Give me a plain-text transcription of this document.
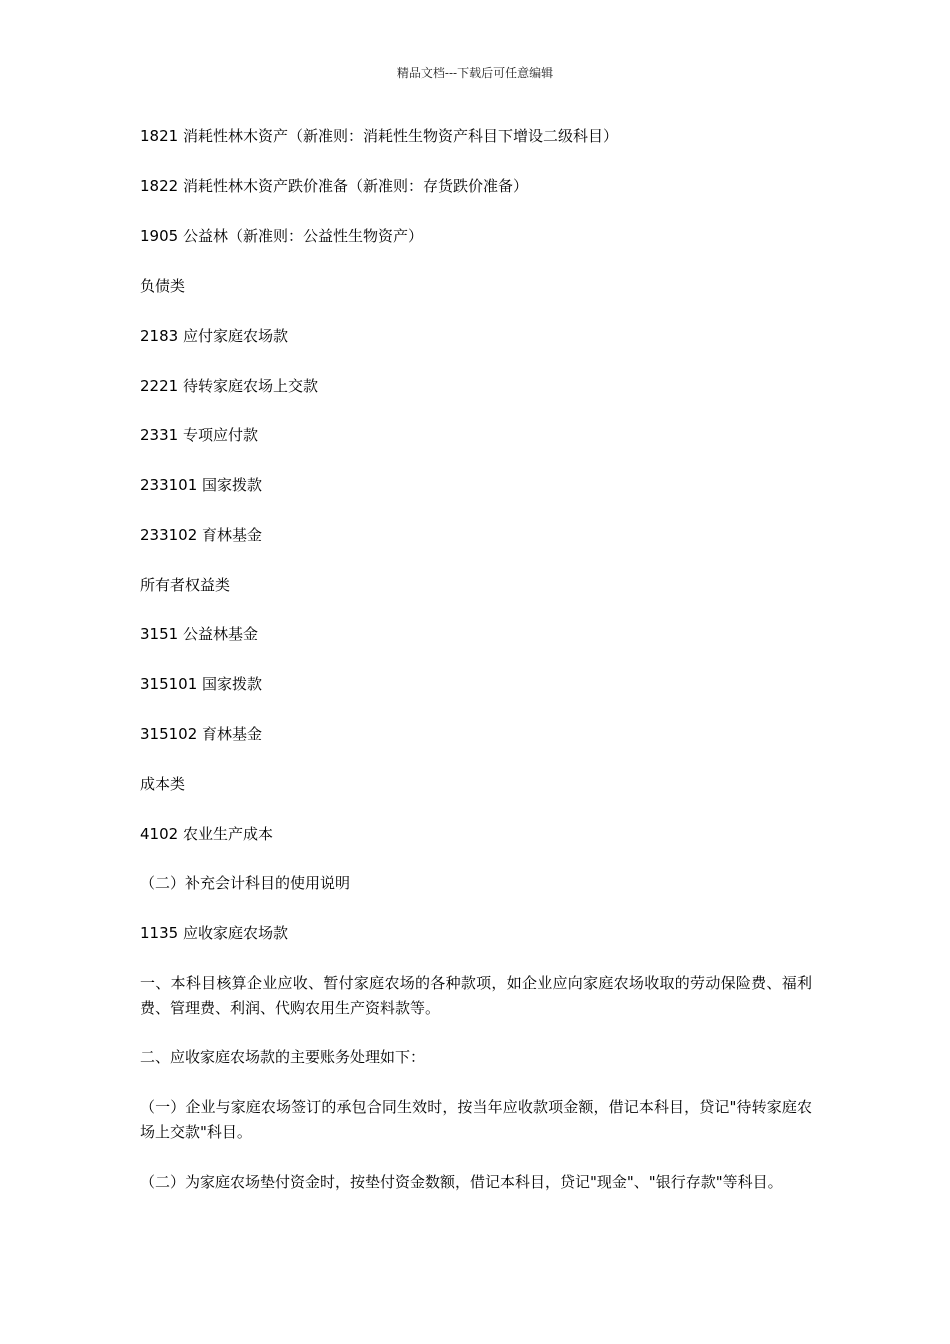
精品文档---下载后可任意编辑
1821 消耗性林木资产（新准则：消耗性生物资产科目下增设二级科目）
1822 消耗性林木资产跌价准备（新准则：存货跌价准备）
1905 公益林（新准则：公益性生物资产）
负债类
2183 应付家庭农场款
2221 待转家庭农场上交款
2331 专项应付款
233101 国家拨款
233102 育林基金
所有者权益类
3151 公益林基金
315101 国家拨款
315102 育林基金
成本类
4102 农业生产成本
（二）补充会计科目的使用说明
1135 应收家庭农场款
一、本科目核算企业应收、暂付家庭农场的各种款项，如企业应向家庭农场收取的劳动保险费、福利费、管理费、利润、代购农用生产资料款等。
二、应收家庭农场款的主要账务处理如下：
（一）企业与家庭农场签订的承包合同生效时，按当年应收款项金额，借记本科目，贷记"待转家庭农场上交款"科目。
（二）为家庭农场垫付资金时，按垫付资金数额，借记本科目，贷记"现金"、"银行存款"等科目。
